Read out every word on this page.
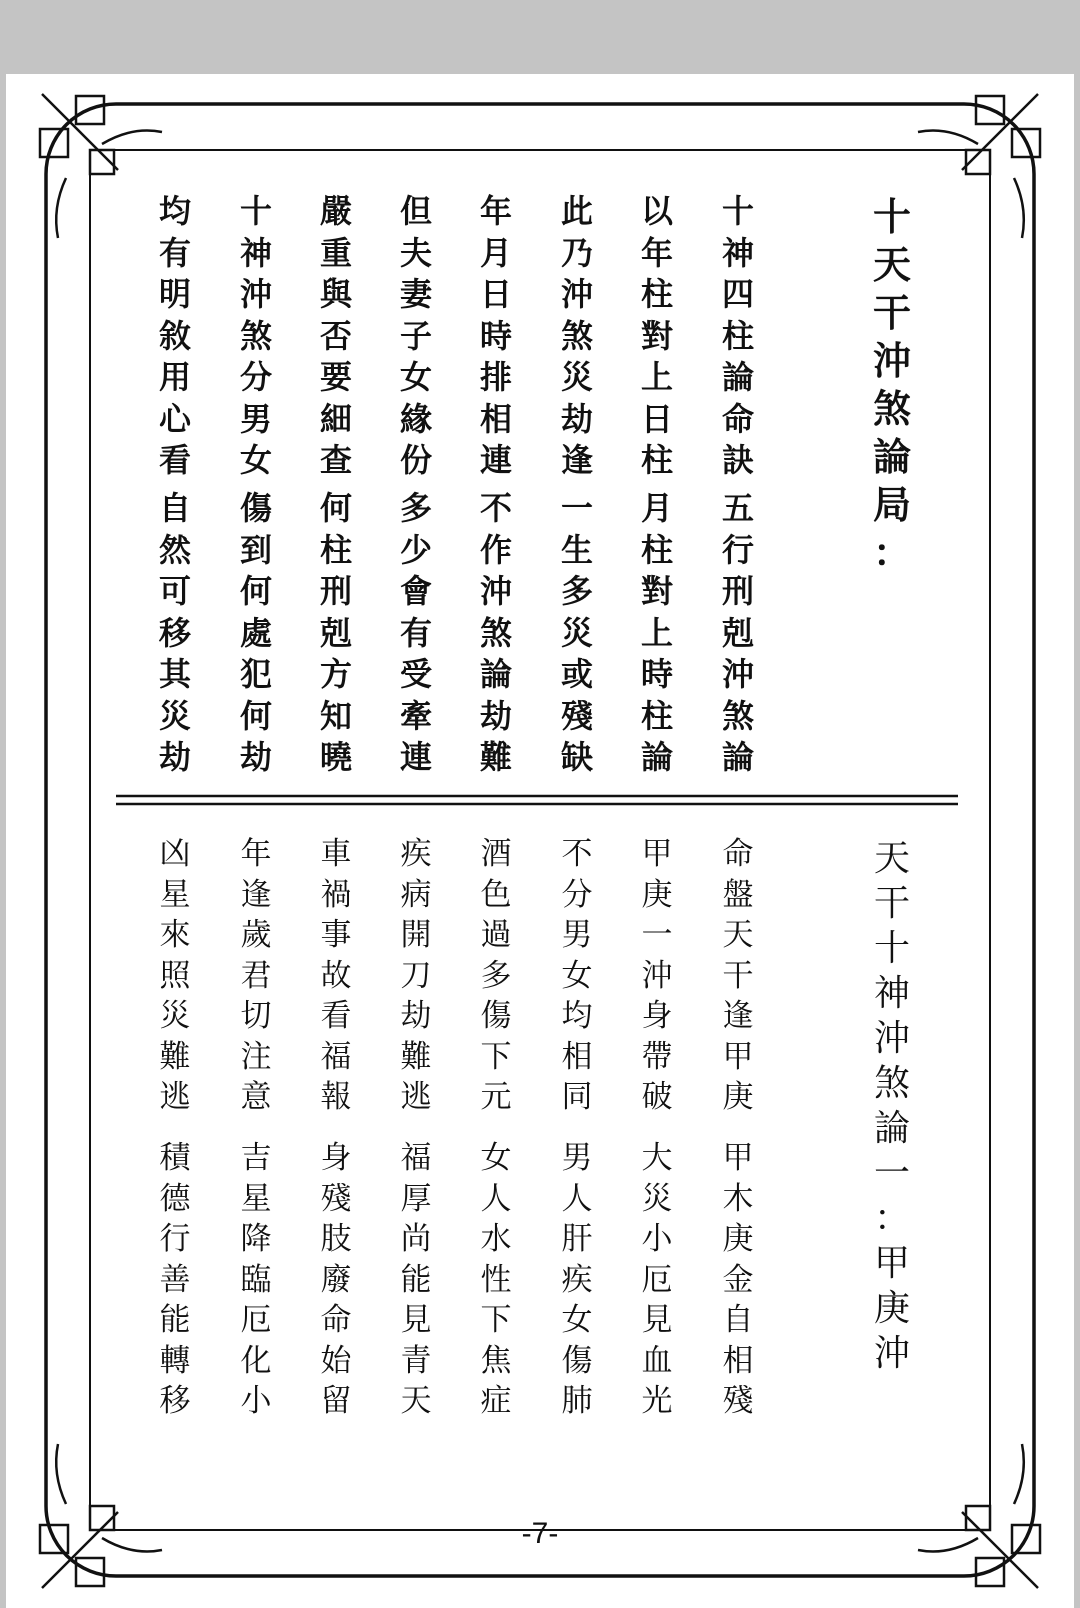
十
天
干
沖
煞
論
局
：
十
神
四
柱
論
命
訣
五
行
刑
剋
沖
煞
論
以
年
柱
對
上
日
柱
月
柱
對
上
時
柱
論
此
乃
沖
煞
災
劫
逢
一
生
多
災
或
殘
缺
年
月
日
時
排
相
連
不
作
沖
煞
論
劫
難
但
夫
妻
子
女
緣
份
多
少
會
有
受
牽
連
嚴
重
與
否
要
細
查
何
柱
刑
剋
方
知
曉
十
神
沖
煞
分
男
女
傷
到
何
處
犯
何
劫
均
有
明
敘
用
心
看
自
然
可
移
其
災
劫
天
干
十
神
沖
煞
論
一
：
甲
庚
沖
命
盤
天
干
逢
甲
庚
甲
木
庚
金
自
相
殘
甲
庚
一
沖
身
帶
破
大
災
小
厄
見
血
光
不
分
男
女
均
相
同
男
人
肝
疾
女
傷
肺
酒
色
過
多
傷
下
元
女
人
水
性
下
焦
症
疾
病
開
刀
劫
難
逃
福
厚
尚
能
見
青
天
車
禍
事
故
看
福
報
身
殘
肢
廢
命
始
留
年
逢
歲
君
切
注
意
吉
星
降
臨
厄
化
小
凶
星
來
照
災
難
逃
積
德
行
善
能
轉
移
-7-
